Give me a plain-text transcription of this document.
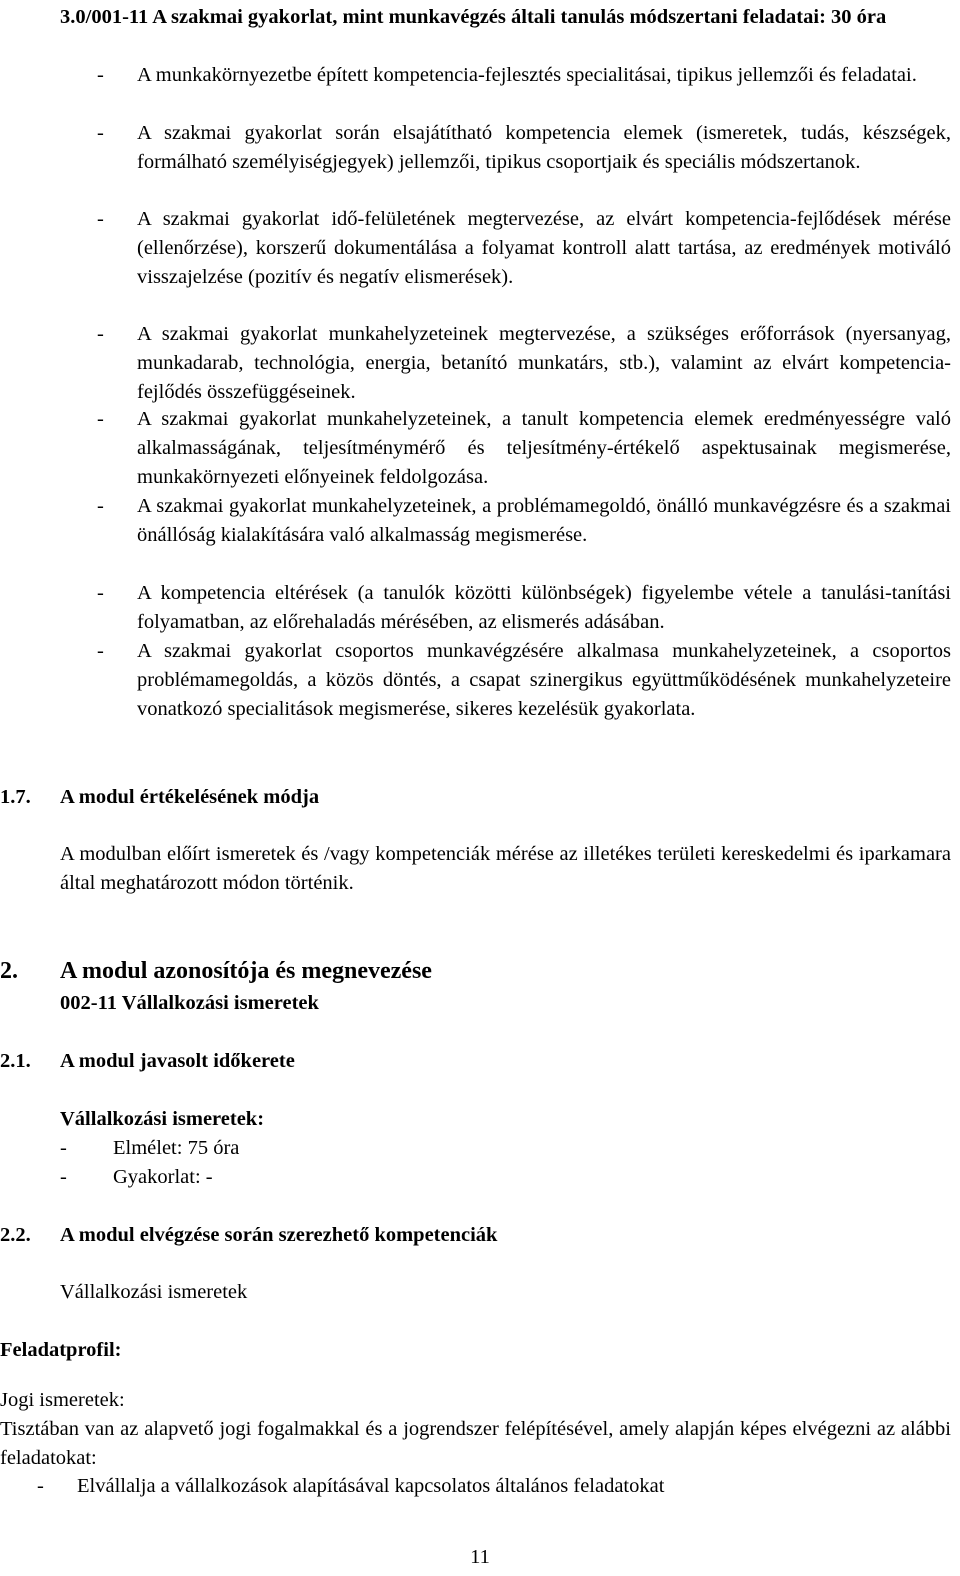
3.0/001-11 A szakmai gyakorlat, mint munkavégzés általi tanulás módszertani feladatai: 30 óra
- A munkakörnyezetbe épített kompetencia-fejlesztés specialitásai, tipikus jellemzői és feladatai.
- A szakmai gyakorlat során elsajátítható kompetencia elemek (ismeretek, tudás, készségek, formálható személyiségjegyek) jellemzői, tipikus csoportjaik és speciális módszertanok.
- A szakmai gyakorlat idő-felületének megtervezése, az elvárt kompetencia-fejlődések mérése (ellenőrzése), korszerű dokumentálása a folyamat kontroll alatt tartása, az eredmények motiváló visszajelzése (pozitív és negatív elismerések).
- A szakmai gyakorlat munkahelyzeteinek megtervezése, a szükséges erőforrások (nyersanyag, munkadarab, technológia, energia, betanító munkatárs, stb.), valamint az elvárt kompetencia-fejlődés összefüggéseinek.
- A szakmai gyakorlat munkahelyzeteinek, a tanult kompetencia elemek eredményességre való alkalmasságának, teljesítménymérő és teljesítmény-értékelő aspektusainak megismerése, munkakörnyezeti előnyeinek feldolgozása.
- A szakmai gyakorlat munkahelyzeteinek, a problémamegoldó, önálló munkavégzésre és a szakmai önállóság kialakítására való alkalmasság megismerése.
- A kompetencia eltérések (a tanulók közötti különbségek) figyelembe vétele a tanulási-tanítási folyamatban, az előrehaladás mérésében, az elismerés adásában.
- A szakmai gyakorlat csoportos munkavégzésére alkalmasa munkahelyzeteinek, a csoportos problémamegoldás, a közös döntés, a csapat szinergikus együttműködésének munkahelyzeteire vonatkozó specialitások megismerése, sikeres kezelésük gyakorlata.
1.7. A modul értékelésének módja
A modulban előírt ismeretek és /vagy kompetenciák mérése az illetékes területi kereskedelmi és iparkamara által meghatározott módon történik.
2. A modul azonosítója és megnevezése
002-11 Vállalkozási ismeretek
2.1. A modul javasolt időkerete
Vállalkozási ismeretek:
- Elmélet: 75 óra
- Gyakorlat: -
2.2. A modul elvégzése során szerezhető kompetenciák
Vállalkozási ismeretek
Feladatprofil:
Jogi ismeretek:
Tisztában van az alapvető jogi fogalmakkal és a jogrendszer felépítésével, amely alapján képes elvégezni az alábbi feladatokat:
- Elvállalja a vállalkozások alapításával kapcsolatos általános feladatokat
11
